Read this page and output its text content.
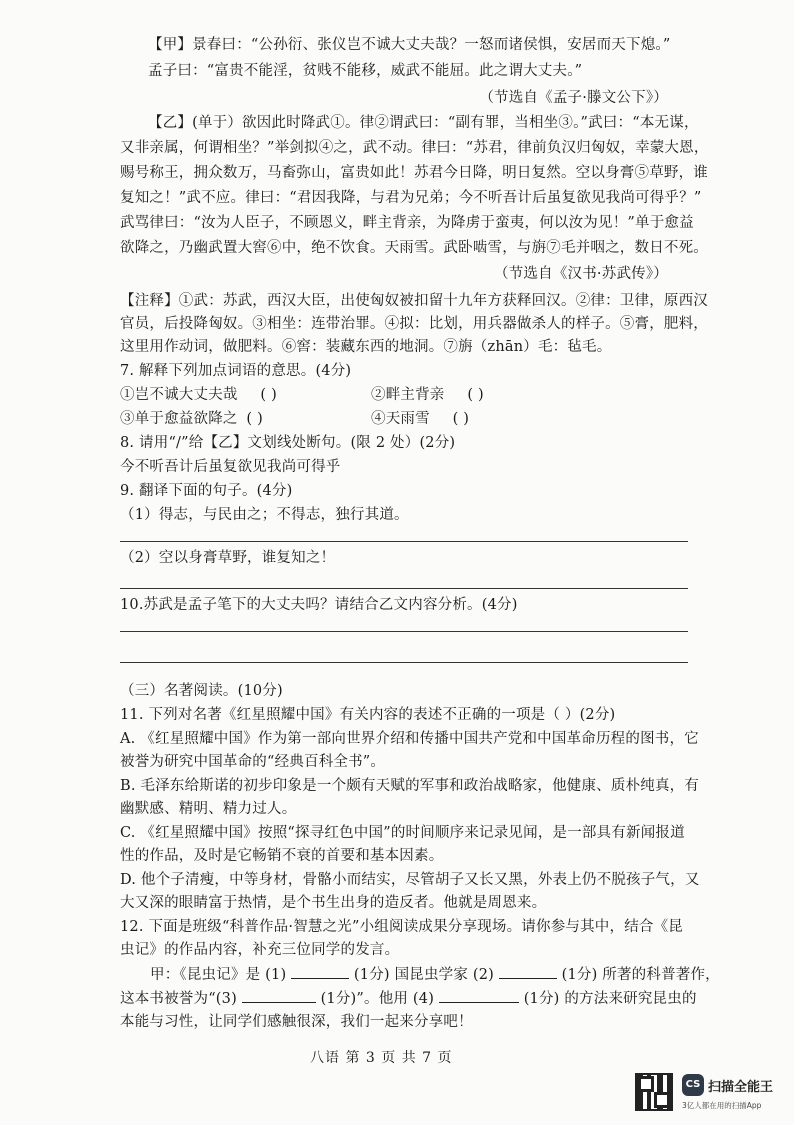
【甲】景春曰：“公孙衍、张仪岂不诚大丈夫哉？一怒而诸侯惧，安居而天下熄。”
孟子曰：“富贵不能淫，贫贱不能移，威武不能屈。此之谓大丈夫。”
（节选自《孟子·滕文公下》）
【乙】(单于）欲因此时降武①。律②谓武曰：“副有罪，当相坐③。”武曰：“本无谋，
又非亲属，何谓相坐？”举剑拟④之，武不动。律曰：“苏君，律前负汉归匈奴，幸蒙大恩，
赐号称王，拥众数万，马畜弥山，富贵如此！苏君今日降，明日复然。空以身膏⑤草野，谁
复知之！”武不应。律曰：“君因我降，与君为兄弟；今不听吾计后虽复欲见我尚可得乎？”
武骂律曰：“汝为人臣子，不顾恩义，畔主背亲，为降虏于蛮夷，何以汝为见！”单于愈益
欲降之，乃幽武置大窖⑥中，绝不饮食。天雨雪。武卧啮雪，与旃⑦毛并咽之，数日不死。
（节选自《汉书·苏武传》）
【注释】①武：苏武，西汉大臣，出使匈奴被扣留十九年方获释回汉。②律：卫律，原西汉
官员，后投降匈奴。③相坐：连带治罪。④拟：比划，用兵器做杀人的样子。⑤膏，肥料，
这里用作动词，做肥料。⑥窖：装藏东西的地洞。⑦旃（zhān）毛：毡毛。
7. 解释下列加点词语的意思。(4分)
①岂不诚大丈夫哉 ( )	②畔主背亲 ( )
③单于愈益欲降之 ( )	④天雨雪 ( )
8. 请用“/”给【乙】文划线处断句。(限 2 处）(2分)
今不听吾计后虽复欲见我尚可得乎
9. 翻译下面的句子。(4分)
（1）得志，与民由之；不得志，独行其道。
（2）空以身膏草野，谁复知之！
10.苏武是孟子笔下的大丈夫吗？请结合乙文内容分析。(4分)
（三）名著阅读。(10分)
11. 下列对名著《红星照耀中国》有关内容的表述不正确的一项是（ ）(2分)
A. 《红星照耀中国》作为第一部向世界介绍和传播中国共产党和中国革命历程的图书，它
被誉为研究中国革命的“经典百科全书”。
B. 毛泽东给斯诺的初步印象是一个颇有天赋的军事和政治战略家，他健康、质朴纯真，有
幽默感、精明、精力过人。
C. 《红星照耀中国》按照“探寻红色中国”的时间顺序来记录见闻，是一部具有新闻报道
性的作品，及时是它畅销不衰的首要和基本因素。
D. 他个子清瘦，中等身材，骨骼小而结实，尽管胡子又长又黑，外表上仍不脱孩子气，又
大又深的眼睛富于热情，是个书生出身的造反者。他就是周恩来。
12. 下面是班级“科普作品·智慧之光”小组阅读成果分享现场。请你参与其中，结合《昆
虫记》的作品内容，补充三位同学的发言。
甲：《昆虫记》是 (1)	(1分) 国昆虫学家 (2)	(1分) 所著的科普著作，
这本书被誉为“(3)	(1分)”。他用 (4)	(1分) 的方法来研究昆虫的
本能与习性，让同学们感触很深，我们一起来分享吧！
八语 第 3 页 共 7 页
CS 扫描全能王
3亿人都在用的扫描App
